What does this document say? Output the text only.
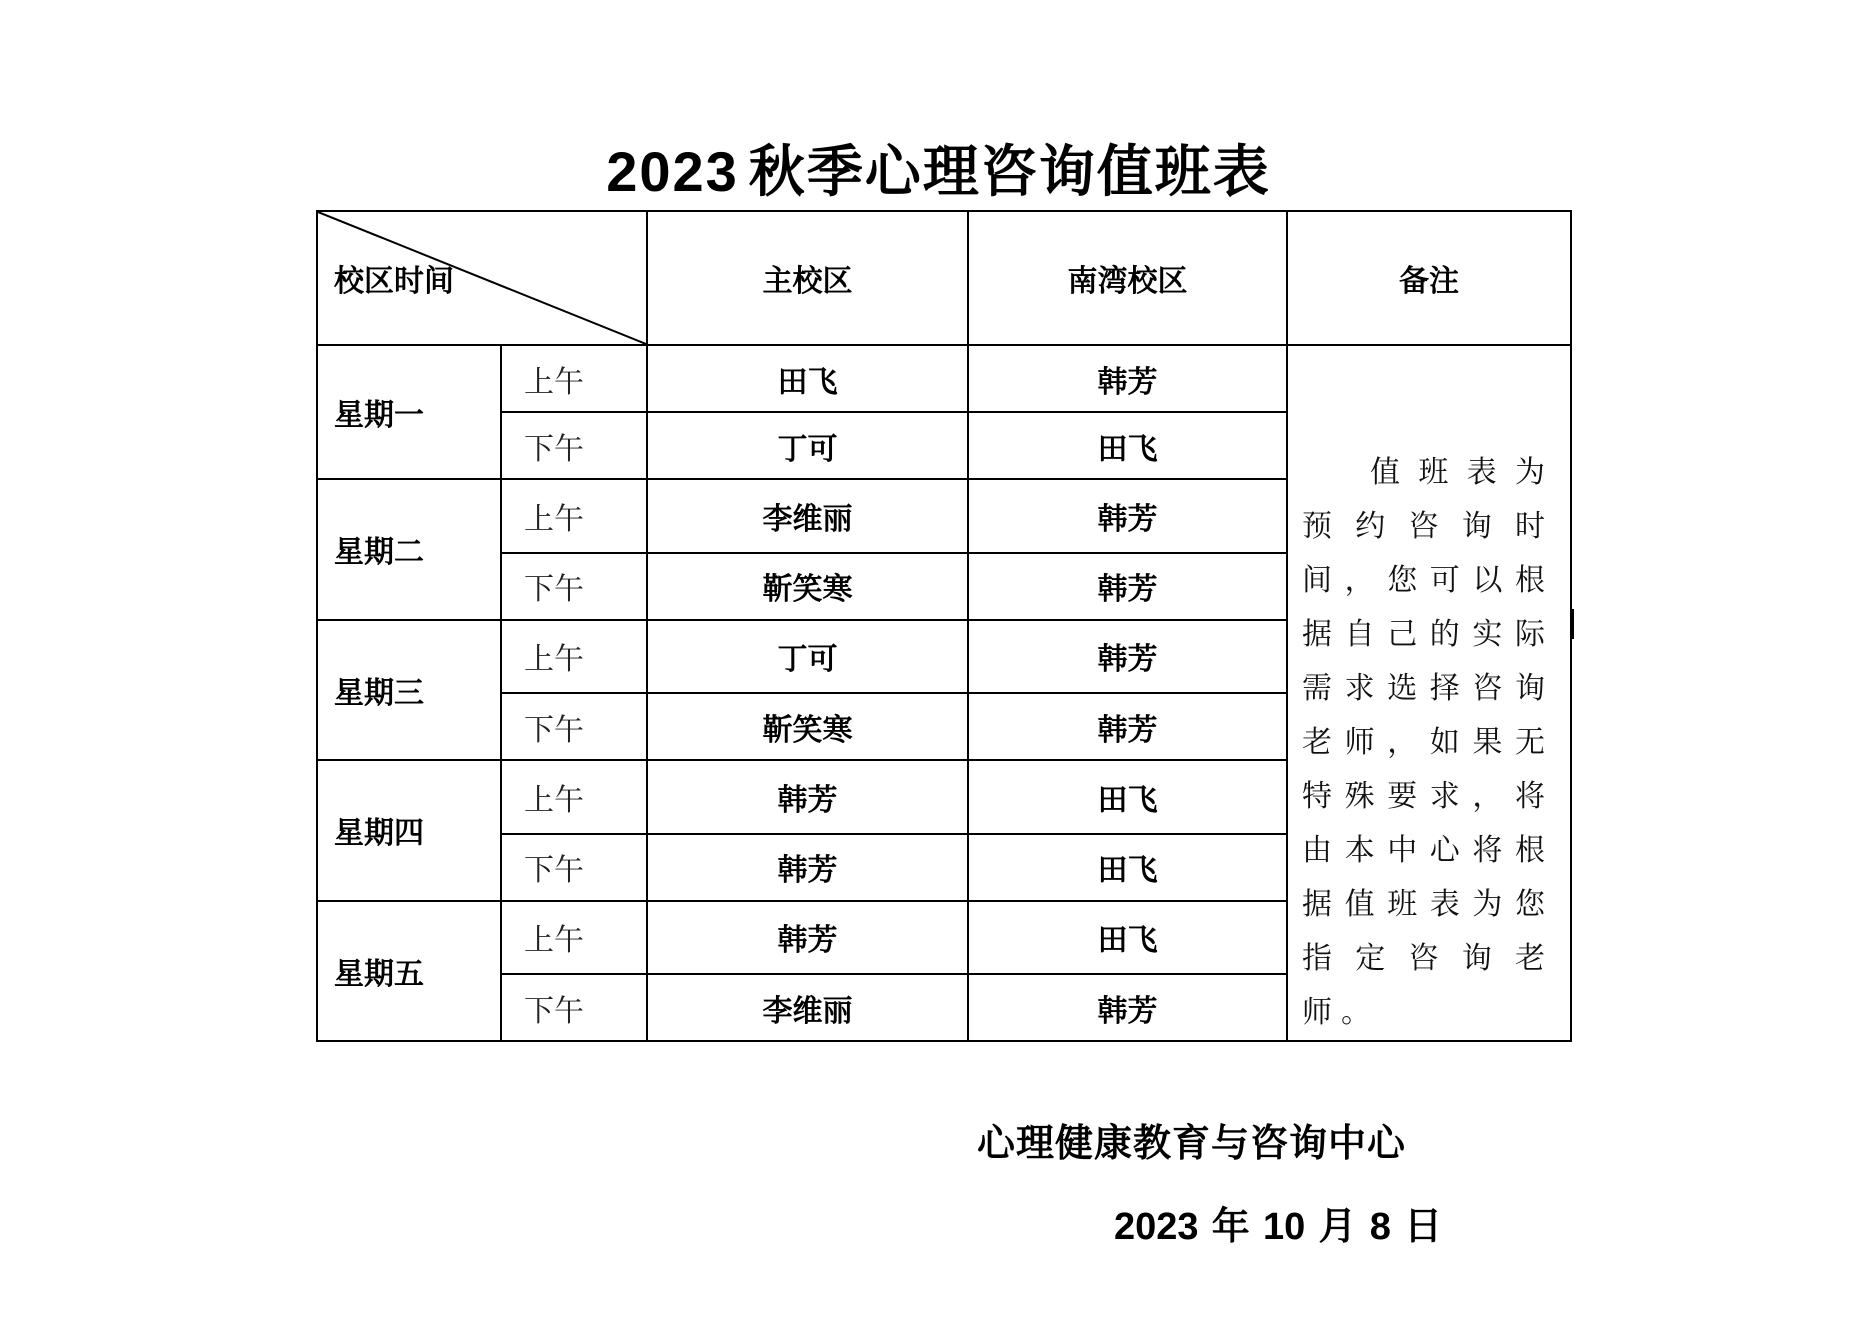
2023 秋季心理咨询值班表
校区时间		主校区	南湾校区	备注
星期一	上午	田飞	韩芳	值班表为预约咨询时间，您可以根据自己的实际需求选择咨询老师，如果无特殊要求，将由本中心将根据值班表为您指定咨询老师。
	下午	丁可	田飞	
星期二	上午	李维丽	韩芳	
	下午	靳笑寒	韩芳	
星期三	上午	丁可	韩芳	
	下午	靳笑寒	韩芳	
星期四	上午	韩芳	田飞	
	下午	韩芳	田飞	
星期五	上午	韩芳	田飞	
	下午	李维丽	韩芳	
心理健康教育与咨询中心
2023 年 10 月 8 日
